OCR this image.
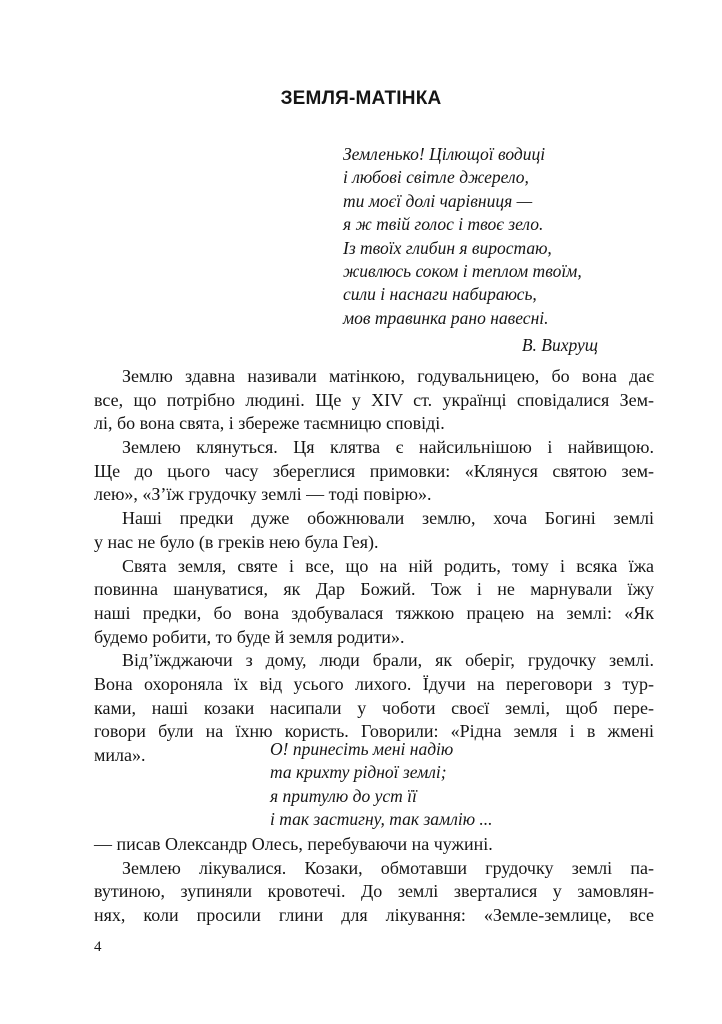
ЗЕМЛЯ-МАТІНКА
Земленько! Цілющої водиці
і любові світле джерело,
ти моєї долі чарівниця —
я ж твій голос і твоє зело.
Із твоїх глибин я виростаю,
живлюсь соком і теплом твоїм,
сили і наснаги набираюсь,
мов травинка рано навесні.
В. Вихрущ
Землю здавна називали матінкою, годувальницею, бо вона дає
все, що потрібно людині. Ще у XIV ст. українці сповідалися Зем-
лі, бо вона свята, і збереже таємницю сповіді.
Землею клянуться. Ця клятва є найсильнішою і найвищою.
Ще до цього часу збереглися примовки: «Клянуся святою зем-
лею», «З’їж грудочку землі — тоді повірю».
Наші предки дуже обожнювали землю, хоча Богині землі
у нас не було (в греків нею була Гея).
Свята земля, святе і все, що на ній родить, тому і всяка їжа
повинна шануватися, як Дар Божий. Тож і не марнували їжу
наші предки, бо вона здобувалася тяжкою працею на землі: «Як
будемо робити, то буде й земля родити».
Від’їжджаючи з дому, люди брали, як оберіг, грудочку землі.
Вона охороняла їх від усього лихого. Їдучи на переговори з тур-
ками, наші козаки насипали у чоботи своєї землі, щоб пере-
говори були на їхню користь. Говорили: «Рідна земля і в жмені
мила».	О! принесіть мені надію
та крихту рідної землі;
я притулю до уст її
і так застигну, так замлію ...
— писав Олександр Олесь, перебуваючи на чужині.
Землею лікувалися. Козаки, обмотавши грудочку землі па-
вутиною, зупиняли кровотечі. До землі зверталися у замовлян-
нях, коли просили глини для лікування: «Земле-землице, все
4
